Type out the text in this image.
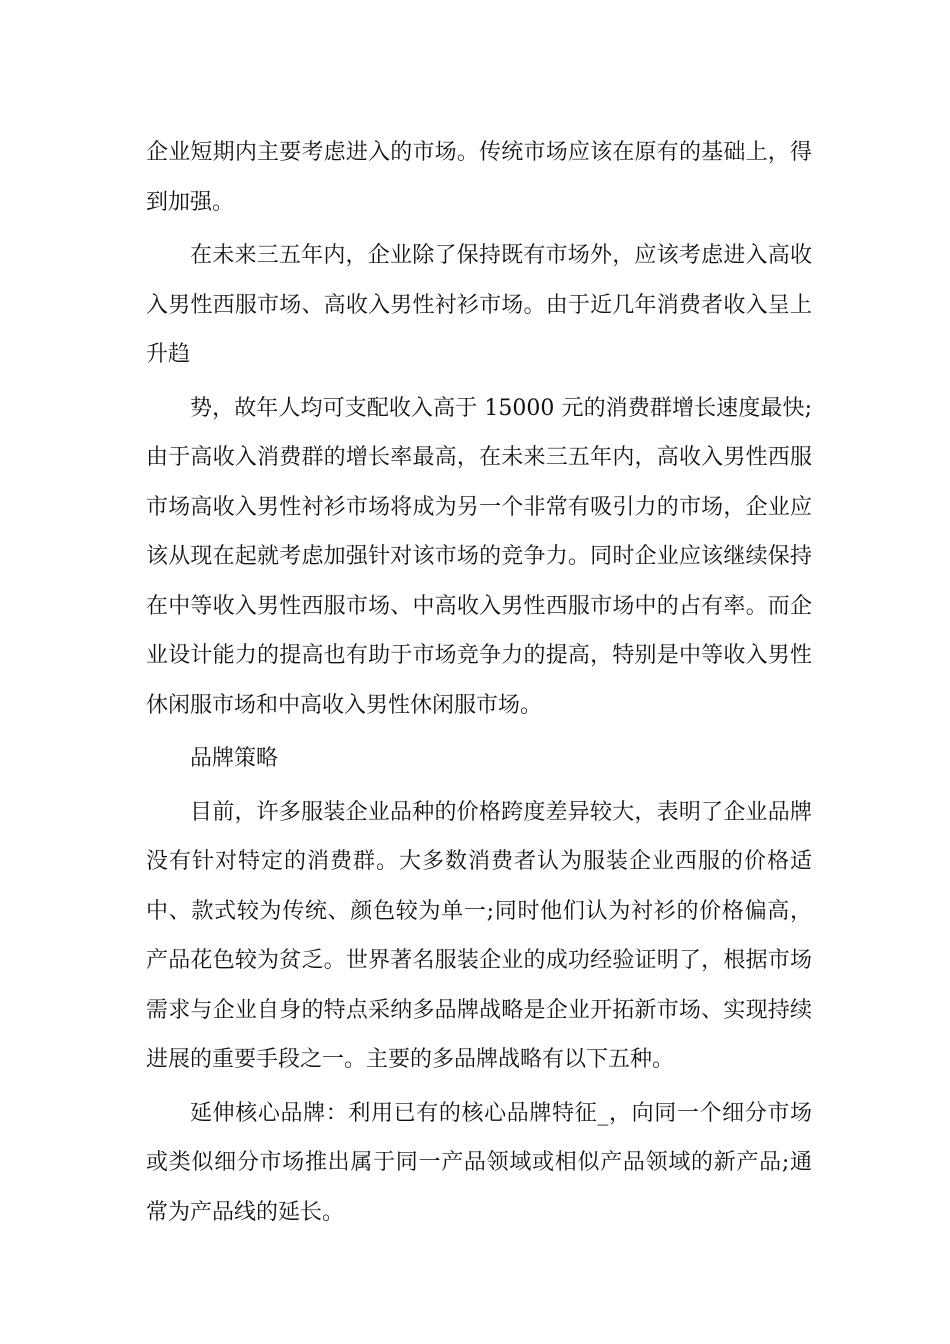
企业短期内主要考虑进入的市场。传统市场应该在原有的基础上，得到加强。

在未来三五年内，企业除了保持既有市场外，应该考虑进入高收入男性西服市场、高收入男性衬衫市场。由于近几年消费者收入呈上升趋

势，故年人均可支配收入高于 15000 元的消费群增长速度最快;由于高收入消费群的增长率最高，在未来三五年内，高收入男性西服市场高收入男性衬衫市场将成为另一个非常有吸引力的市场，企业应该从现在起就考虑加强针对该市场的竞争力。同时企业应该继续保持在中等收入男性西服市场、中高收入男性西服市场中的占有率。而企业设计能力的提高也有助于市场竞争力的提高，特别是中等收入男性休闲服市场和中高收入男性休闲服市场。

品牌策略

目前，许多服装企业品种的价格跨度差异较大，表明了企业品牌没有针对特定的消费群。大多数消费者认为服装企业西服的价格适中、款式较为传统、颜色较为单一;同时他们认为衬衫的价格偏高，产品花色较为贫乏。世界著名服装企业的成功经验证明了，根据市场需求与企业自身的特点采纳多品牌战略是企业开拓新市场、实现持续进展的重要手段之一。主要的多品牌战略有以下五种。

延伸核心品牌：利用已有的核心品牌特征_，向同一个细分市场或类似细分市场推出属于同一产品领域或相似产品领域的新产品;通常为产品线的延长。
